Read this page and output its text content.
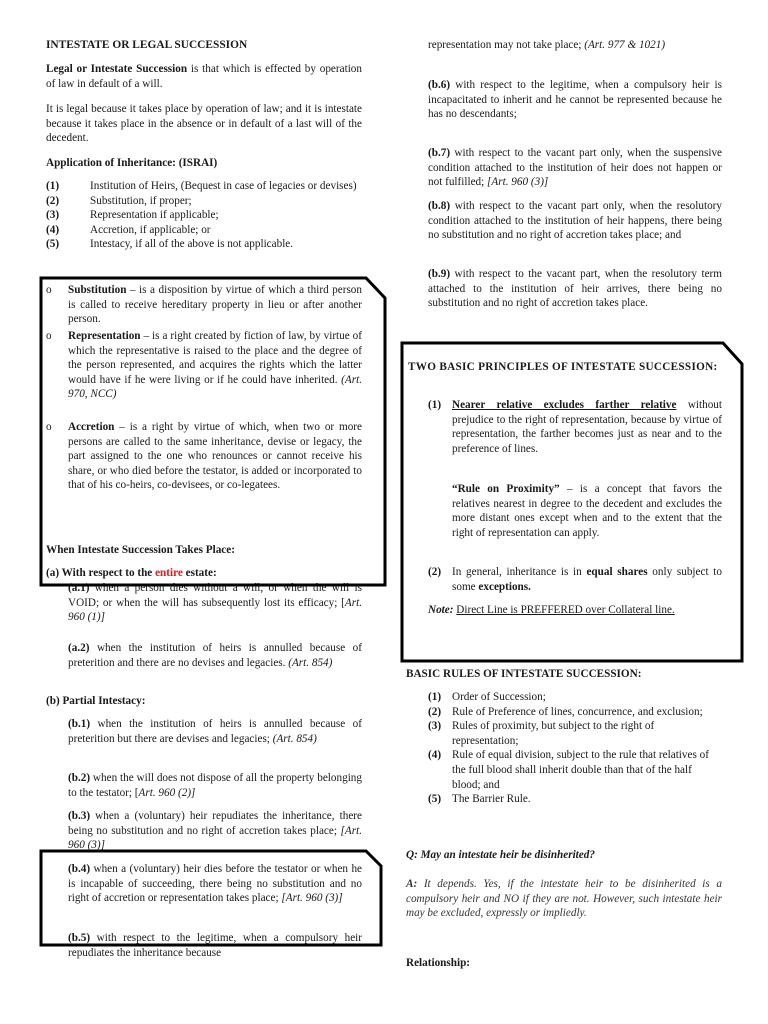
INTESTATE OR LEGAL SUCCESSION

Legal or Intestate Succession is that which is effected by operation of law in default of a will.

It is legal because it takes place by operation of law; and it is intestate because it takes place in the absence or in default of a last will of the decedent.

Application of Inheritance: (ISRAI)
(1)	Institution of Heirs, (Bequest in case of legacies or devises)
(2)	Substitution, if proper;
(3)	Representation if applicable;
(4)	Accretion, if applicable; or
(5)	Intestacy, if all of the above is not applicable.
o Substitution – is a disposition by virtue of which a third person is called to receive hereditary property in lieu or after another person.

o Representation – is a right created by fiction of law, by virtue of which the representative is raised to the place and the degree of the person represented, and acquires the rights which the latter would have if he were living or if he could have inherited. (Art. 970, NCC)

o Accretion – is a right by virtue of which, when two or more persons are called to the same inheritance, devise or legacy, the part assigned to the one who renounces or cannot receive his share, or who died before the testator, is added or incorporated to that of his co-heirs, co-devisees, or co-legatees.

When Intestate Succession Takes Place:
(a) With respect to the entire estate:

(a.1) when a person dies without a will, or when the will is VOID; or when the will has subsequently lost its efficacy; [Art. 960 (1)]

(a.2) when the institution of heirs is annulled because of preterition and there are no devises and legacies. (Art. 854)

(b) Partial Intestacy:

(b.1) when the institution of heirs is annulled because of preterition but there are devises and legacies; (Art. 854)

(b.2) when the will does not dispose of all the property belonging to the testator; [Art. 960 (2)]

(b.3) when a (voluntary) heir repudiates the inheritance, there being no substitution and no right of accretion takes place; [Art. 960 (3)]

(b.4) when a (voluntary) heir dies before the testator or when he is incapable of succeeding, there being no substitution and no right of accretion or representation takes place; [Art. 960 (3)]

(b.5) with respect to the legitime, when a compulsory heir repudiates the inheritance because

representation may not take place; (Art. 977 & 1021)

(b.6) with respect to the legitime, when a compulsory heir is incapacitated to inherit and he cannot be represented because he has no descendants;

(b.7) with respect to the vacant part only, when the suspensive condition attached to the institution of heir does not happen or not fulfilled; [Art. 960 (3)]

(b.8) with respect to the vacant part only, when the resolutory condition attached to the institution of heir happens, there being no substitution and no right of accretion takes place; and

(b.9) with respect to the vacant part, when the resolutory term attached to the institution of heir arrives, there being no substitution and no right of accretion takes place.

TWO BASIC PRINCIPLES OF INTESTATE SUCCESSION:

(1) Nearer relative excludes farther relative without prejudice to the right of representation, because by virtue of representation, the farther becomes just as near and to the preference of lines.

“Rule on Proximity” – is a concept that favors the relatives nearest in degree to the decedent and excludes the more distant ones except when and to the extent that the right of representation can apply.

(2) In general, inheritance is in equal shares only subject to some exceptions.

Note: Direct Line is PREFFERED over Collateral line.

BASIC RULES OF INTESTATE SUCCESSION:
(1) Order of Succession;
(2) Rule of Preference of lines, concurrence, and exclusion;
(3) Rules of proximity, but subject to the right of representation;
(4) Rule of equal division, subject to the rule that relatives of the full blood shall inherit double than that of the half blood; and
(5) The Barrier Rule.
Q: May an intestate heir be disinherited?

A: It depends. Yes, if the intestate heir to be disinherited is a compulsory heir and NO if they are not. However, such intestate heir may be excluded, expressly or impliedly.

Relationship:
